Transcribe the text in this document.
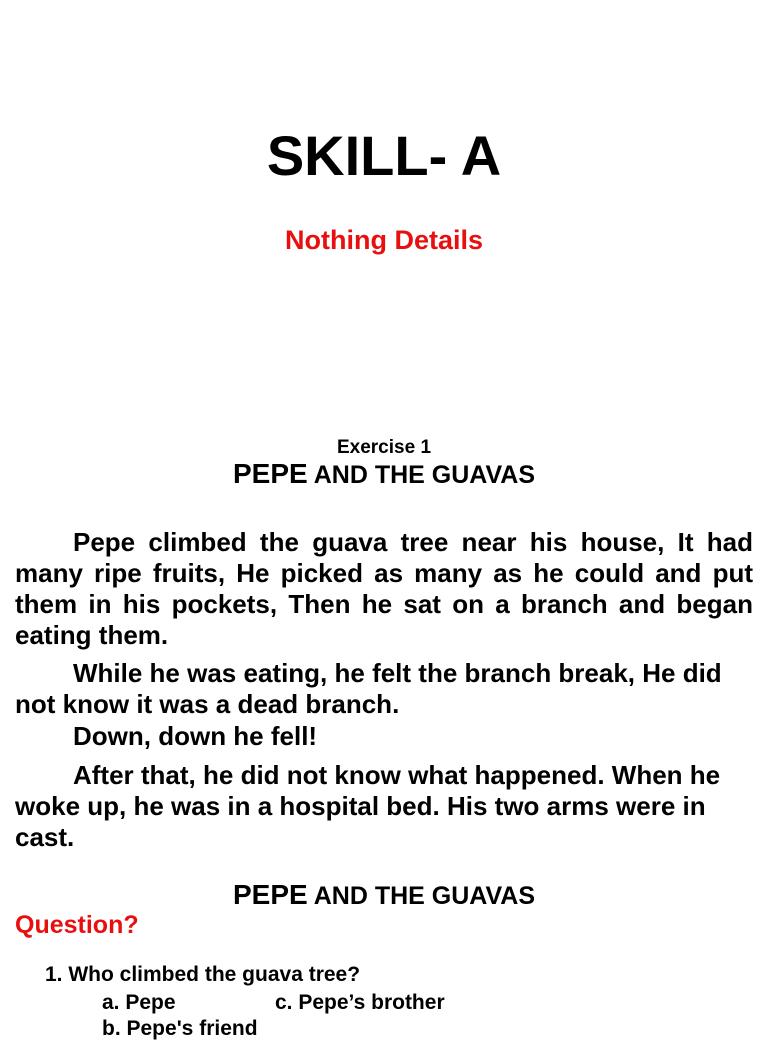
SKILL- A
Nothing Details
Exercise 1
PEPE AND THE GUAVAS
Pepe climbed the guava tree near his house, It had many ripe fruits, He picked as many as he could and put them in his pockets, Then he sat on a branch and began eating them.
While he was eating, he felt the branch break, He did not know it was a dead branch.
Down, down he fell!
After that, he did not know what happened. When he woke up, he was in a hospital bed. His two arms were in cast.
PEPE AND THE GUAVAS
Question?
1. Who climbed the guava tree?
a. Pepe	c. Pepe’s brother
b. Pepe's friend
